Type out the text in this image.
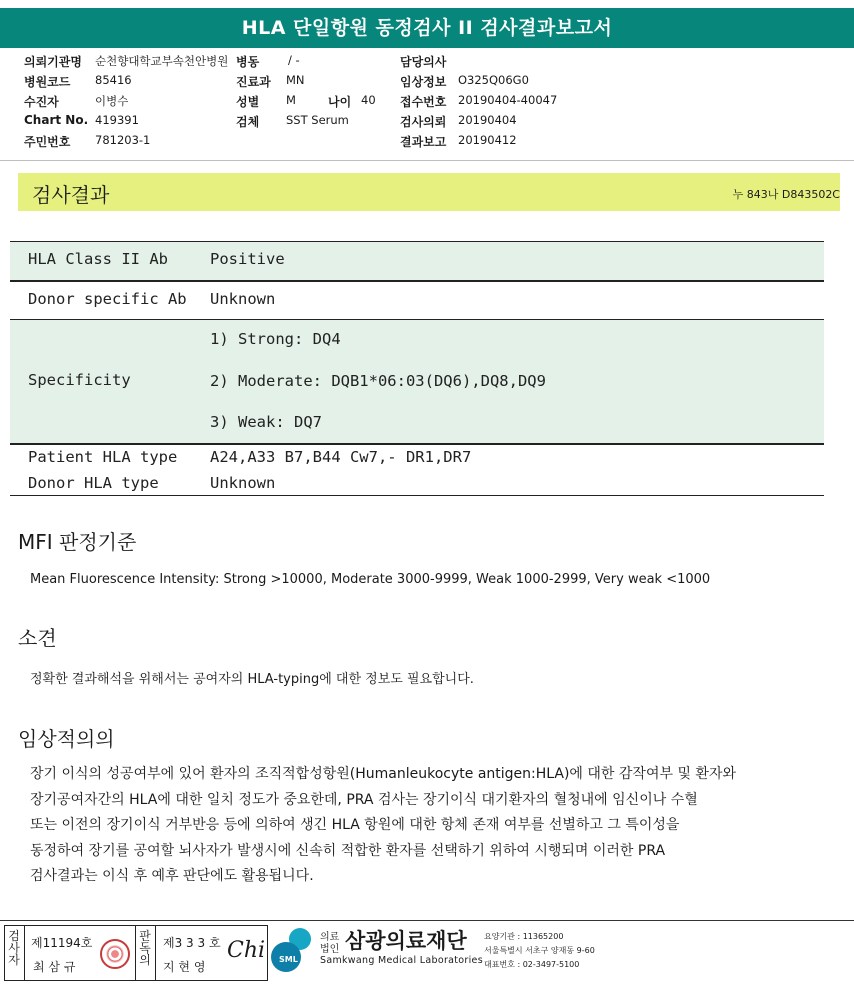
HLA 단일항원 동정검사 II 검사결과보고서
의뢰기관명 순천향대학교부속천안병원 병동	/ -	담당의사
병원코드 85416	진료과 MN	임상정보 O325Q06G0
수진자	이병수	성별 M	나이 40 접수번호 20190404-40047
Chart No. 419391	검체 SST Serum	검사의뢰 20190404
주민번호 781203-1	결과보고 20190412
검사결과	누 843나 D843502C
HLA Class II Ab	Positive
Donor specific Ab Unknown
Specificity
1) Strong: DQ4
2) Moderate: DQB1*06:03(DQ6),DQ8,DQ9
3) Weak: DQ7
Patient HLA type A24,A33 B7,B44 Cw7,- DR1,DR7
Donor HLA type	Unknown
MFI 판정기준
Mean Fluorescence Intensity: Strong >10000, Moderate 3000-9999, Weak 1000-2999, Very weak <1000
소견
정확한 결과해석을 위해서는 공여자의 HLA-typing에 대한 정보도 필요합니다.
임상적의의
장기 이식의 성공여부에 있어 환자의 조직적합성항원(Humanleukocyte antigen:HLA)에 대한 감작여부 및 환자와
장기공여자간의 HLA에 대한 일치 정도가 중요한데, PRA 검사는 장기이식 대기환자의 혈청내에 임신이나 수혈
또는 이전의 장기이식 거부반응 등에 의하여 생긴 HLA 항원에 대한 항체 존재 여부를 선별하고 그 특이성을
동정하여 장기를 공여할 뇌사자가 발생시에 신속히 적합한 환자를 선택하기 위하여 시행되며 이러한 PRA
검사결과는 이식 후 예후 판단에도 활용됩니다.
검사자
제11194호
최 삼 규
판독의
제3 3 3 호
지 현 영
Chi SML
의료
법인 삼광의료재단
Samkwang Medical Laboratories
요양기관 : 11365200
서울특별시 서초구 양재동 9-60
대표번호 : 02-3497-5100
